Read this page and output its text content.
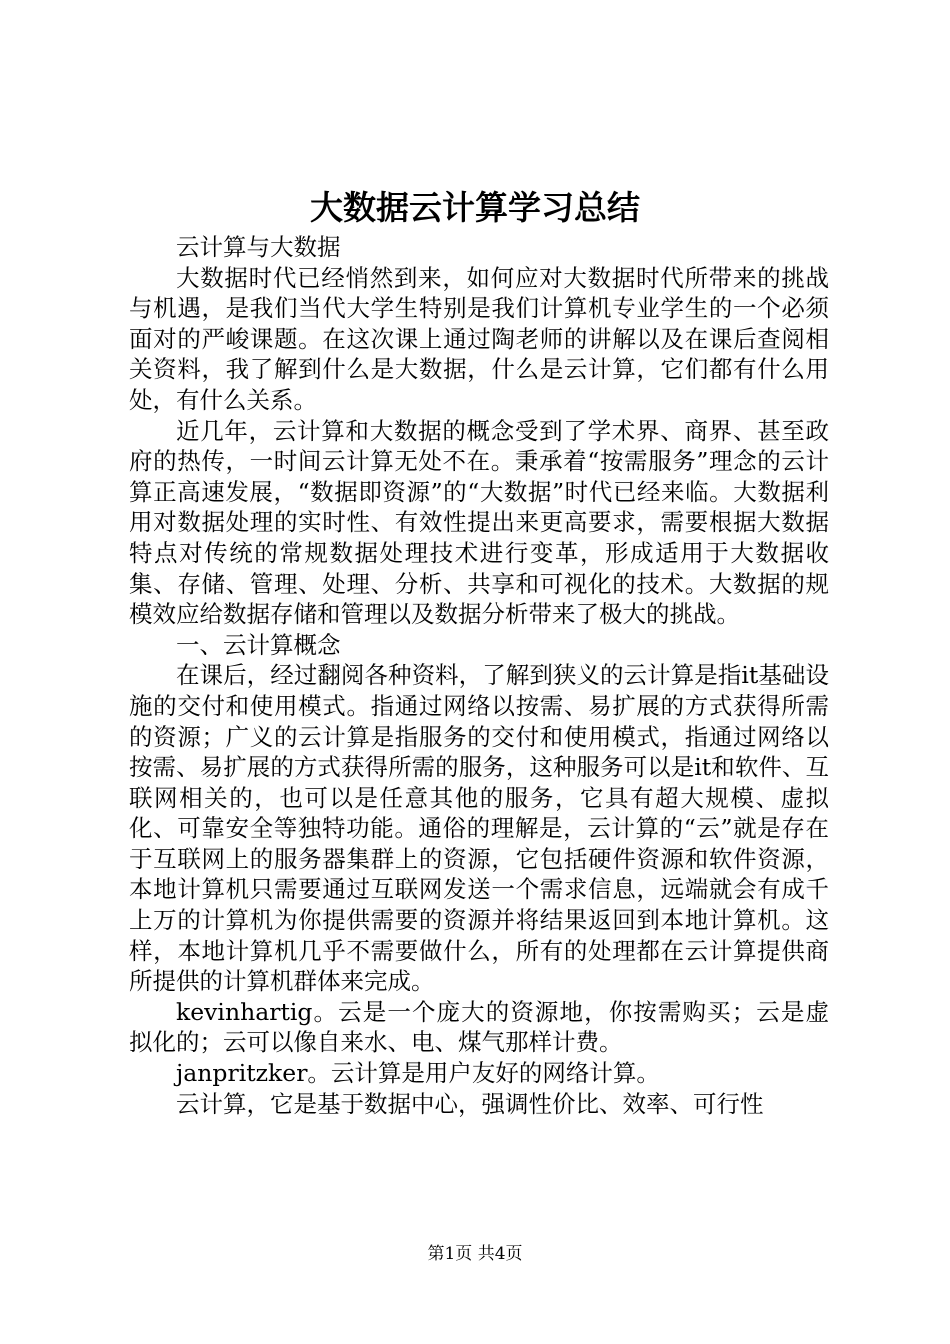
大数据云计算学习总结

云计算与大数据

大数据时代已经悄然到来，如何应对大数据时代所带来的挑战与机遇，是我们当代大学生特别是我们计算机专业学生的一个必须面对的严峻课题。在这次课上通过陶老师的讲解以及在课后查阅相关资料，我了解到什么是大数据，什么是云计算，它们都有什么用处，有什么关系。

近几年，云计算和大数据的概念受到了学术界、商界、甚至政府的热传，一时间云计算无处不在。秉承着“按需服务”理念的云计算正高速发展，“数据即资源”的“大数据”时代已经来临。大数据利用对数据处理的实时性、有效性提出来更高要求，需要根据大数据特点对传统的常规数据处理技术进行变革，形成适用于大数据收集、存储、管理、处理、分析、共享和可视化的技术。大数据的规模效应给数据存储和管理以及数据分析带来了极大的挑战。

一、云计算概念

在课后，经过翻阅各种资料，了解到狭义的云计算是指it基础设施的交付和使用模式。指通过网络以按需、易扩展的方式获得所需的资源；广义的云计算是指服务的交付和使用模式，指通过网络以按需、易扩展的方式获得所需的服务，这种服务可以是it和软件、互联网相关的，也可以是任意其他的服务，它具有超大规模、虚拟化、可靠安全等独特功能。通俗的理解是，云计算的“云”就是存在于互联网上的服务器集群上的资源，它包括硬件资源和软件资源，本地计算机只需要通过互联网发送一个需求信息，远端就会有成千上万的计算机为你提供需要的资源并将结果返回到本地计算机。这样，本地计算机几乎不需要做什么，所有的处理都在云计算提供商所提供的计算机群体来完成。

kevinhartig。云是一个庞大的资源地，你按需购买；云是虚拟化的；云可以像自来水、电、煤气那样计费。

janpritzker。云计算是用户友好的网络计算。

云计算，它是基于数据中心，强调性价比、效率、可行性

第1页 共4页
